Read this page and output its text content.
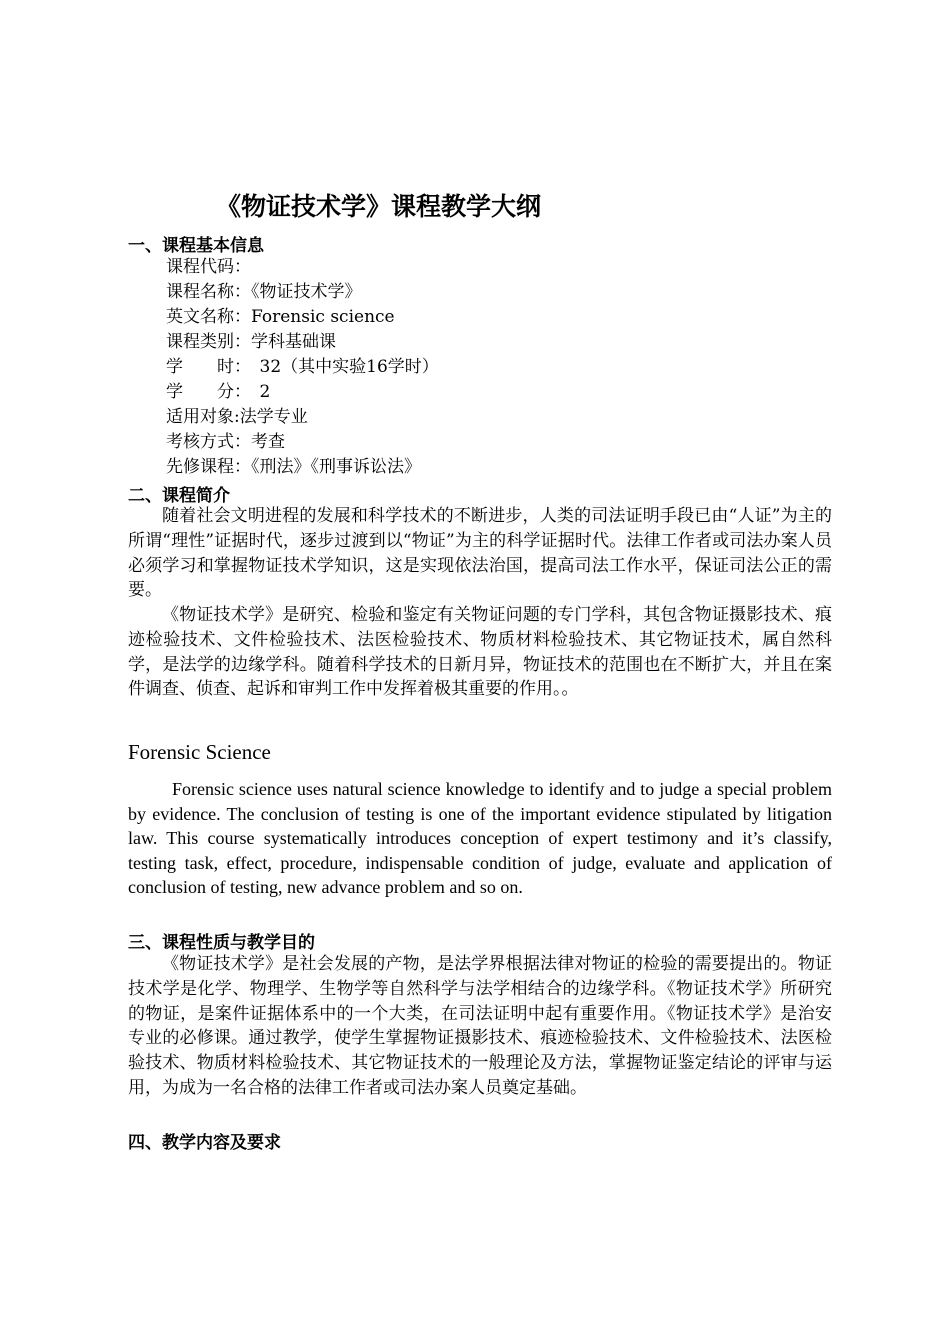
《物证技术学》课程教学大纲
一、课程基本信息
课程代码：
课程名称：《物证技术学》
英文名称：Forensic science
课程类别：学科基础课
学　　时：　32（其中实验16学时）
学　　分：　2
适用对象:法学专业
考核方式：考查
先修课程：《刑法》《刑事诉讼法》
二、课程简介

随着社会文明进程的发展和科学技术的不断进步，人类的司法证明手段已由“人证”为主的所谓“理性”证据时代，逐步过渡到以“物证”为主的科学证据时代。法律工作者或司法办案人员必须学习和掌握物证技术学知识，这是实现依法治国，提高司法工作水平，保证司法公正的需要。

《物证技术学》是研究、检验和鉴定有关物证问题的专门学科，其包含物证摄影技术、痕迹检验技术、文件检验技术、法医检验技术、物质材料检验技术、其它物证技术，属自然科学，是法学的边缘学科。随着科学技术的日新月异，物证技术的范围也在不断扩大，并且在案件调查、侦查、起诉和审判工作中发挥着极其重要的作用。。

Forensic Science

Forensic science uses natural science knowledge to identify and to judge a special problem by evidence. The conclusion of testing is one of the important evidence stipulated by litigation law. This course systematically introduces conception of expert testimony and it’s classify, testing task, effect, procedure, indispensable condition of judge, evaluate and application of conclusion of testing, new advance problem and so on.

三、课程性质与教学目的

《物证技术学》是社会发展的产物，是法学界根据法律对物证的检验的需要提出的。物证技术学是化学、物理学、生物学等自然科学与法学相结合的边缘学科。《物证技术学》所研究的物证，是案件证据体系中的一个大类，在司法证明中起有重要作用。《物证技术学》是治安专业的必修课。通过教学，使学生掌握物证摄影技术、痕迹检验技术、文件检验技术、法医检验技术、物质材料检验技术、其它物证技术的一般理论及方法，掌握物证鉴定结论的评审与运用，为成为一名合格的法律工作者或司法办案人员奠定基础。

四、教学内容及要求
